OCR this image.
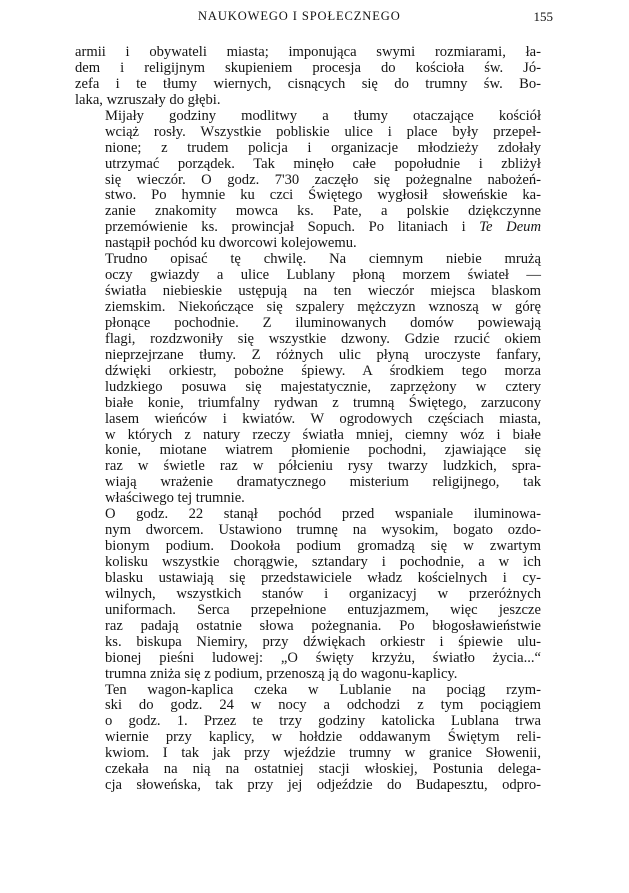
NAUKOWEGO I SPOŁECZNEGO	155

armii i obywateli miasta; imponująca swymi rozmiarami, ła-
dem i religijnym skupieniem procesja do kościoła św. Jó-
zefa i te tłumy wiernych, cisnących się do trumny św. Bo-
laka, wzruszały do głębi.

Mijały godziny modlitwy a tłumy otaczające kościół
wciąż rosły. Wszystkie pobliskie ulice i place były przepeł-
nione; z trudem policja i organizacje młodzieży zdołały
utrzymać porządek. Tak minęło całe popołudnie i zbliżył
się wieczór. O godz. 7'30 zaczęło się pożegnalne nabożeń-
stwo. Po hymnie ku czci Świętego wygłosił słoweńskie ka-
zanie znakomity mowca ks. Pate, a polskie dziękczynne
przemówienie ks. prowincjał Sopuch. Po litaniach i Te Deum
nastąpił pochód ku dworcowi kolejowemu.

Trudno opisać tę chwilę. Na ciemnym niebie mrużą
oczy gwiazdy a ulice Lublany płoną morzem świateł —
światła niebieskie ustępują na ten wieczór miejsca blaskom
ziemskim. Niekończące się szpalery mężczyzn wznoszą w górę
płonące pochodnie. Z iluminowanych domów powiewają
flagi, rozdzwoniły się wszystkie dzwony. Gdzie rzucić okiem
nieprzejrzane tłumy. Z różnych ulic płyną uroczyste fanfary,
dźwięki orkiestr, pobożne śpiewy. A środkiem tego morza
ludzkiego posuwa się majestatycznie, zaprzężony w cztery
białe konie, triumfalny rydwan z trumną Świętego, zarzucony
lasem wieńców i kwiatów. W ogrodowych częściach miasta,
w których z natury rzeczy światła mniej, ciemny wóz i białe
konie, miotane wiatrem płomienie pochodni, zjawiające się
raz w świetle raz w półcieniu rysy twarzy ludzkich, spra-
wiają wrażenie dramatycznego misterium religijnego, tak
właściwego tej trumnie.

O godz. 22 stanął pochód przed wspaniale iluminowa-
nym dworcem. Ustawiono trumnę na wysokim, bogato ozdo-
bionym podium. Dookoła podium gromadzą się w zwartym
kolisku wszystkie chorągwie, sztandary i pochodnie, a w ich
blasku ustawiają się przedstawiciele władz kościelnych i cy-
wilnych, wszystkich stanów i organizacyj w przeróżnych
uniformach. Serca przepełnione entuzjazmem, więc jeszcze
raz padają ostatnie słowa pożegnania. Po błogosławieństwie
ks. biskupa Niemiry, przy dźwiękach orkiestr i śpiewie ulu-
bionej pieśni ludowej: „O święty krzyżu, światło życia...“
trumna zniża się z podium, przenoszą ją do wagonu-kaplicy.

Ten wagon-kaplica czeka w Lublanie na pociąg rzym-
ski do godz. 24 w nocy a odchodzi z tym pociągiem
o godz. 1. Przez te trzy godziny katolicka Lublana trwa
wiernie przy kaplicy, w hołdzie oddawanym Świętym reli-
kwiom. I tak jak przy wjeździe trumny w granice Słowenii,
czekała na nią na ostatniej stacji włoskiej, Postunia delega-
cja słoweńska, tak przy jej odjeździe do Budapesztu, odpro-
